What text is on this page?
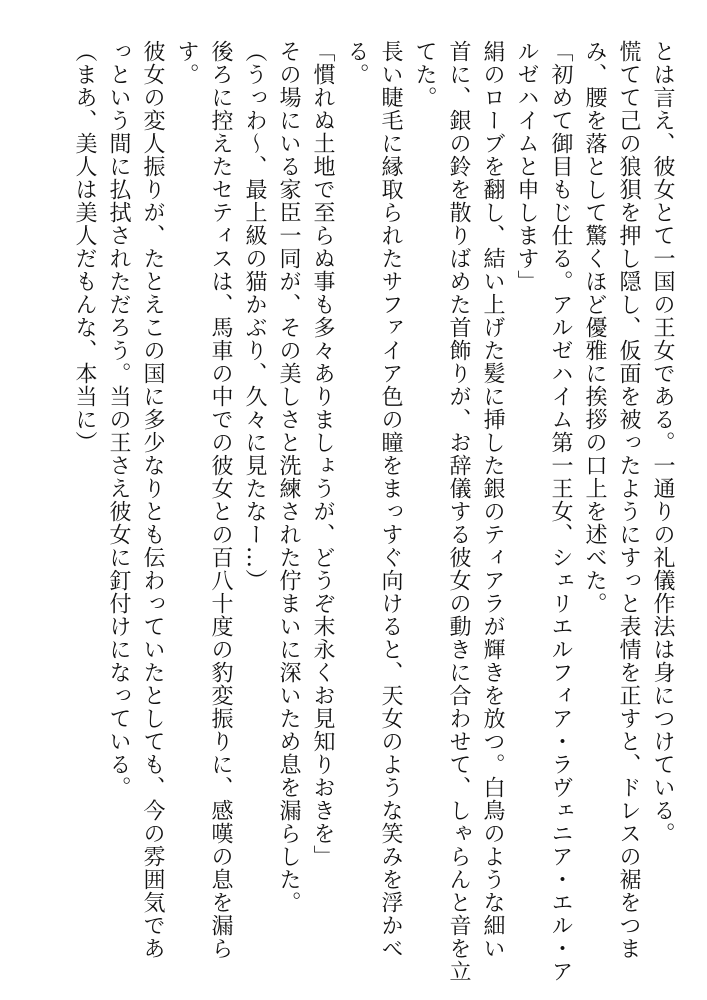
とは言え、彼女とて一国の王女である。一通りの礼儀作法は身につけている。
慌てて己の狼狽を押し隠し、仮面を被ったようにすっと表情を正すと、ドレスの裾をつま
み、腰を落として驚くほど優雅に挨拶の口上を述べた。
「初めて御目もじ仕る。アルゼハイム第一王女、シェリエルフィア・ラヴェニア・エル・ア
ルゼハイムと申します」
絹のローブを翻し、結い上げた髪に挿した銀のティアラが輝きを放つ。白鳥のような細い
首に、銀の鈴を散りばめた首飾りが、お辞儀する彼女の動きに合わせて、しゃらんと音を立
てた。
長い睫毛に縁取られたサファイア色の瞳をまっすぐ向けると、天女のような笑みを浮かべ
る。
「慣れぬ土地で至らぬ事も多々ありましょうが、どうぞ末永くお見知りおきを」
その場にいる家臣一同が、その美しさと洗練された佇まいに深いため息を漏らした。
（うっわ〜、最上級の猫かぶり、久々に見たなー…）
後ろに控えたセティスは、馬車の中での彼女との百八十度の豹変振りに、感嘆の息を漏ら
す。
彼女の変人振りが、たとえこの国に多少なりとも伝わっていたとしても、今の雰囲気であ
っという間に払拭されただろう。当の王さえ彼女に釘付けになっている。
（まあ、美人は美人だもんな、本当に）
